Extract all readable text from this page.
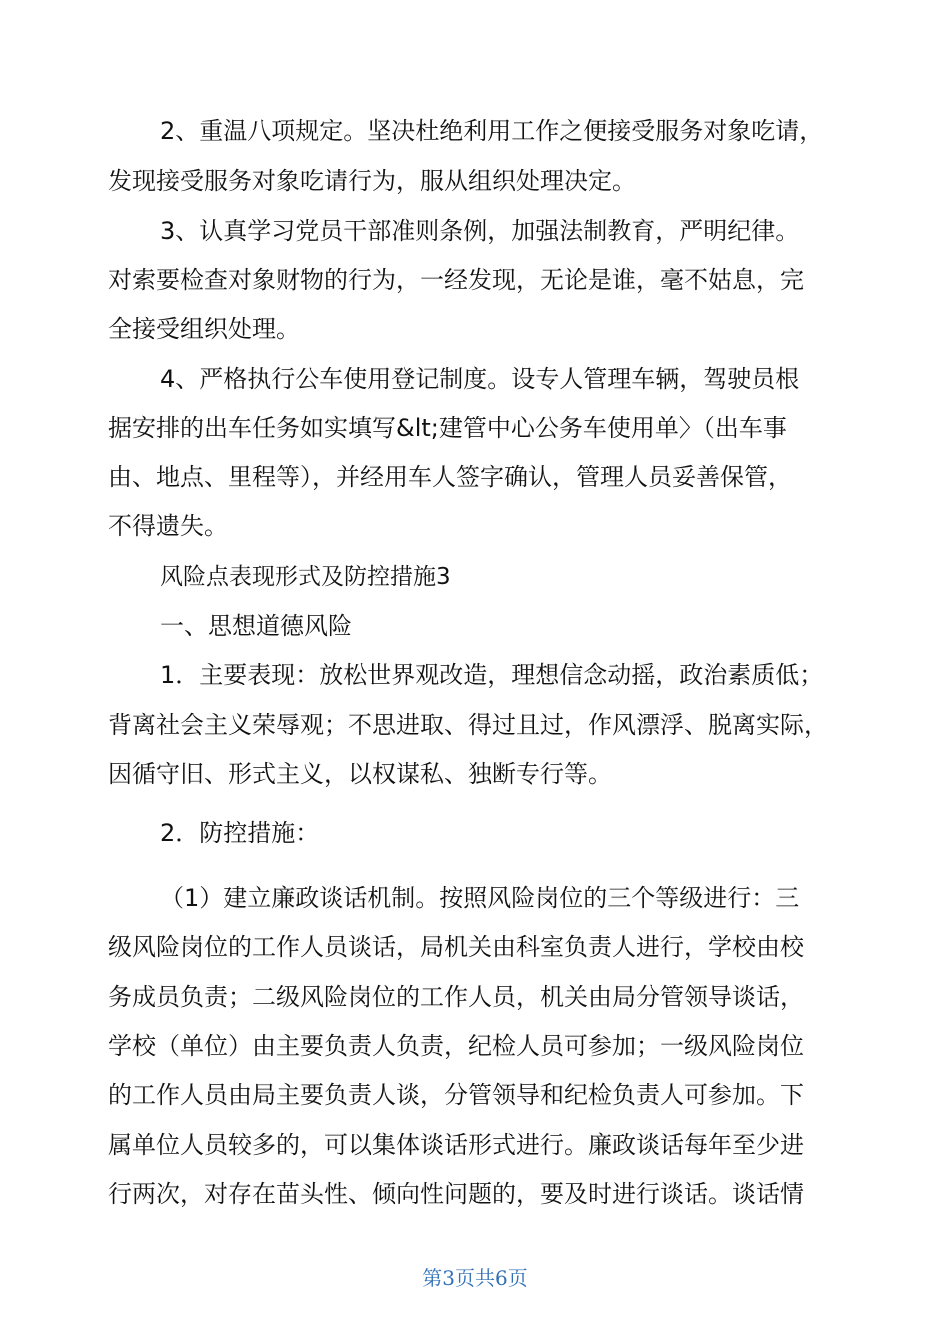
2、重温八项规定。坚决杜绝利用工作之便接受服务对象吃请，
发现接受服务对象吃请行为，服从组织处理决定。
3、认真学习党员干部准则条例，加强法制教育，严明纪律。
对索要检查对象财物的行为，一经发现，无论是谁，毫不姑息，完
全接受组织处理。
4、严格执行公车使用登记制度。设专人管理车辆，驾驶员根
据安排的出车任务如实填写&lt;建管中心公务车使用单〉（出车事
由、地点、里程等），并经用车人签字确认，管理人员妥善保管，
不得遗失。
风险点表现形式及防控措施3
一、思想道德风险
1．主要表现：放松世界观改造，理想信念动摇，政治素质低；
背离社会主义荣辱观；不思进取、得过且过，作风漂浮、脱离实际，
因循守旧、形式主义，以权谋私、独断专行等。
2．防控措施：
（1）建立廉政谈话机制。按照风险岗位的三个等级进行：三
级风险岗位的工作人员谈话，局机关由科室负责人进行，学校由校
务成员负责；二级风险岗位的工作人员，机关由局分管领导谈话，
学校（单位）由主要负责人负责，纪检人员可参加；一级风险岗位
的工作人员由局主要负责人谈，分管领导和纪检负责人可参加。下
属单位人员较多的，可以集体谈话形式进行。廉政谈话每年至少进
行两次，对存在苗头性、倾向性问题的，要及时进行谈话。谈话情
第3页共6页
